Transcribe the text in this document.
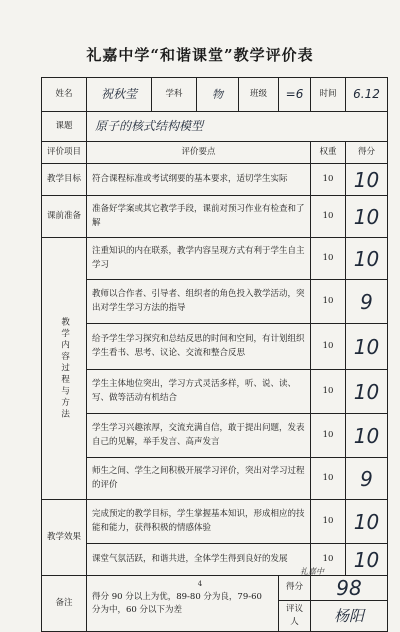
礼嘉中学“和谐课堂”教学评价表
姓名	祝秋莹	学科	物	班级	=6	时间	6.12
课题	原子的核式结构模型						
评价项目	评价要点					权重	得分
教学目标	符合课程标准或考试纲要的基本要求，适切学生实际					10	10
课前准备	准备好学案或其它教学手段，课前对预习作业有检查和了解					10	10

教学内容过程与方法	注重知识的内在联系，教学内容呈现方式有利于学生自主学习					10	10
	教师以合作者、引导者、组织者的角色投入教学活动，突出对学生学习方法的指导					10	9
	给予学生学习探究和总结反思的时间和空间，有计划组织学生看书、思考、议论、交流和整合反思					10	10
	学生主体地位突出，学习方式灵活多样，听、说、读、写、做等活动有机结合					10	10
	学生学习兴趣浓厚，交流充满自信，敢于提出问题，发表自己的见解，举手发言、高声发言					10	10
	师生之间、学生之间积极开展学习评价，突出对学习过程的评价					10	9
教学效果	完成预定的教学目标，学生掌握基本知识，形成相应的技能和能力，获得积极的情感体验					10	10
	课堂气氛活跃，和谐共进，全体学生得到良好的发展					10	10
备注	得分 90 分以上为优，89-80 分为良，79-60 分为中，60 分以下为差				得分	98	
					评议人	杨阳	
礼嘉中
4
